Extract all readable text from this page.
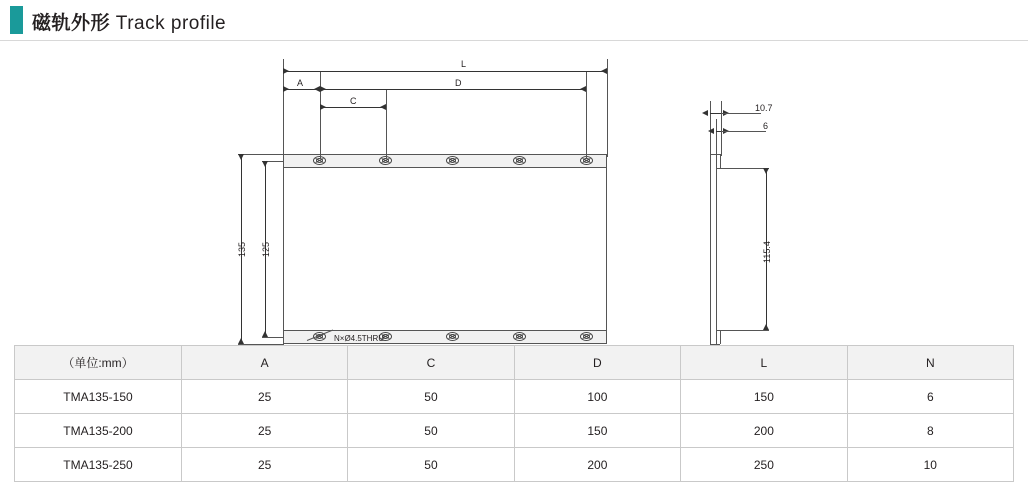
磁轨外形 Track profile
L
D
A
C
135 125
N×Ø4.5THRU
10.7
6
115.4
（单位:mm）	A	C	D	L	N
TMA135-150	25	50	100	150	6
TMA135-200	25	50	150	200	8
TMA135-250	25	50	200	250	10
